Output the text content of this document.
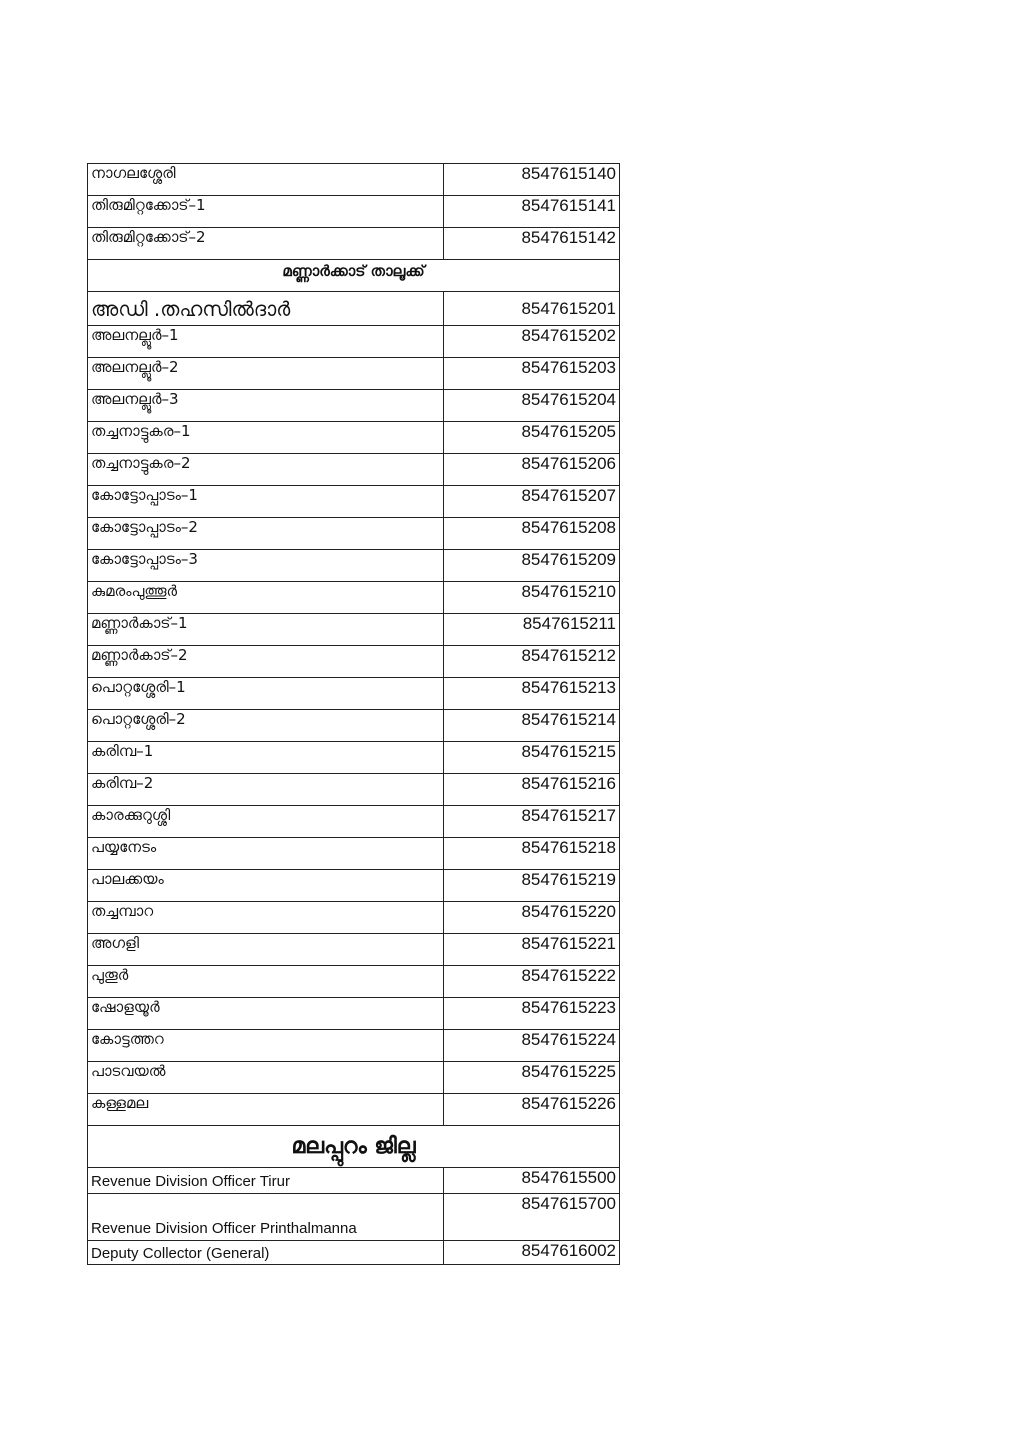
നാഗലശ്ശേരി	8547615140
തിരുമിറ്റക്കോട്–1	8547615141
തിരുമിറ്റക്കോട്–2	8547615142
മണ്ണാർക്കാട് താലൂക്ക്	
അഡി .തഹസിൽദാർ	8547615201
അലനല്ലൂർ–1	8547615202
അലനല്ലൂർ–2	8547615203
അലനല്ലൂർ–3	8547615204
തച്ചനാട്ടുകര–1	8547615205
തച്ചനാട്ടുകര–2	8547615206
കോട്ടോപ്പാടം–1	8547615207
കോട്ടോപ്പാടം–2	8547615208
കോട്ടോപ്പാടം–3	8547615209
കുമരംപുത്തൂർ	8547615210
മണ്ണാർകാട്–1	8547615211
മണ്ണാർകാട്–2	8547615212
പൊറ്റശ്ശേരി–1	8547615213
പൊറ്റശ്ശേരി–2	8547615214
കരിമ്പ–1	8547615215
കരിമ്പ–2	8547615216
കാരക്കുറുശ്ശി	8547615217
പയ്യനേടം	8547615218
പാലക്കയം	8547615219
തച്ചമ്പാറ	8547615220
അഗളി	8547615221
പുതൂർ	8547615222
ഷോളയൂർ	8547615223
കോട്ടത്തറ	8547615224
പാടവയൽ	8547615225
കള്ളമല	8547615226
മലപ്പുറം ജില്ല	
Revenue Division Officer Tirur	8547615500
Revenue Division Officer Printhalmanna	8547615700
Deputy Collector (General)	8547616002
